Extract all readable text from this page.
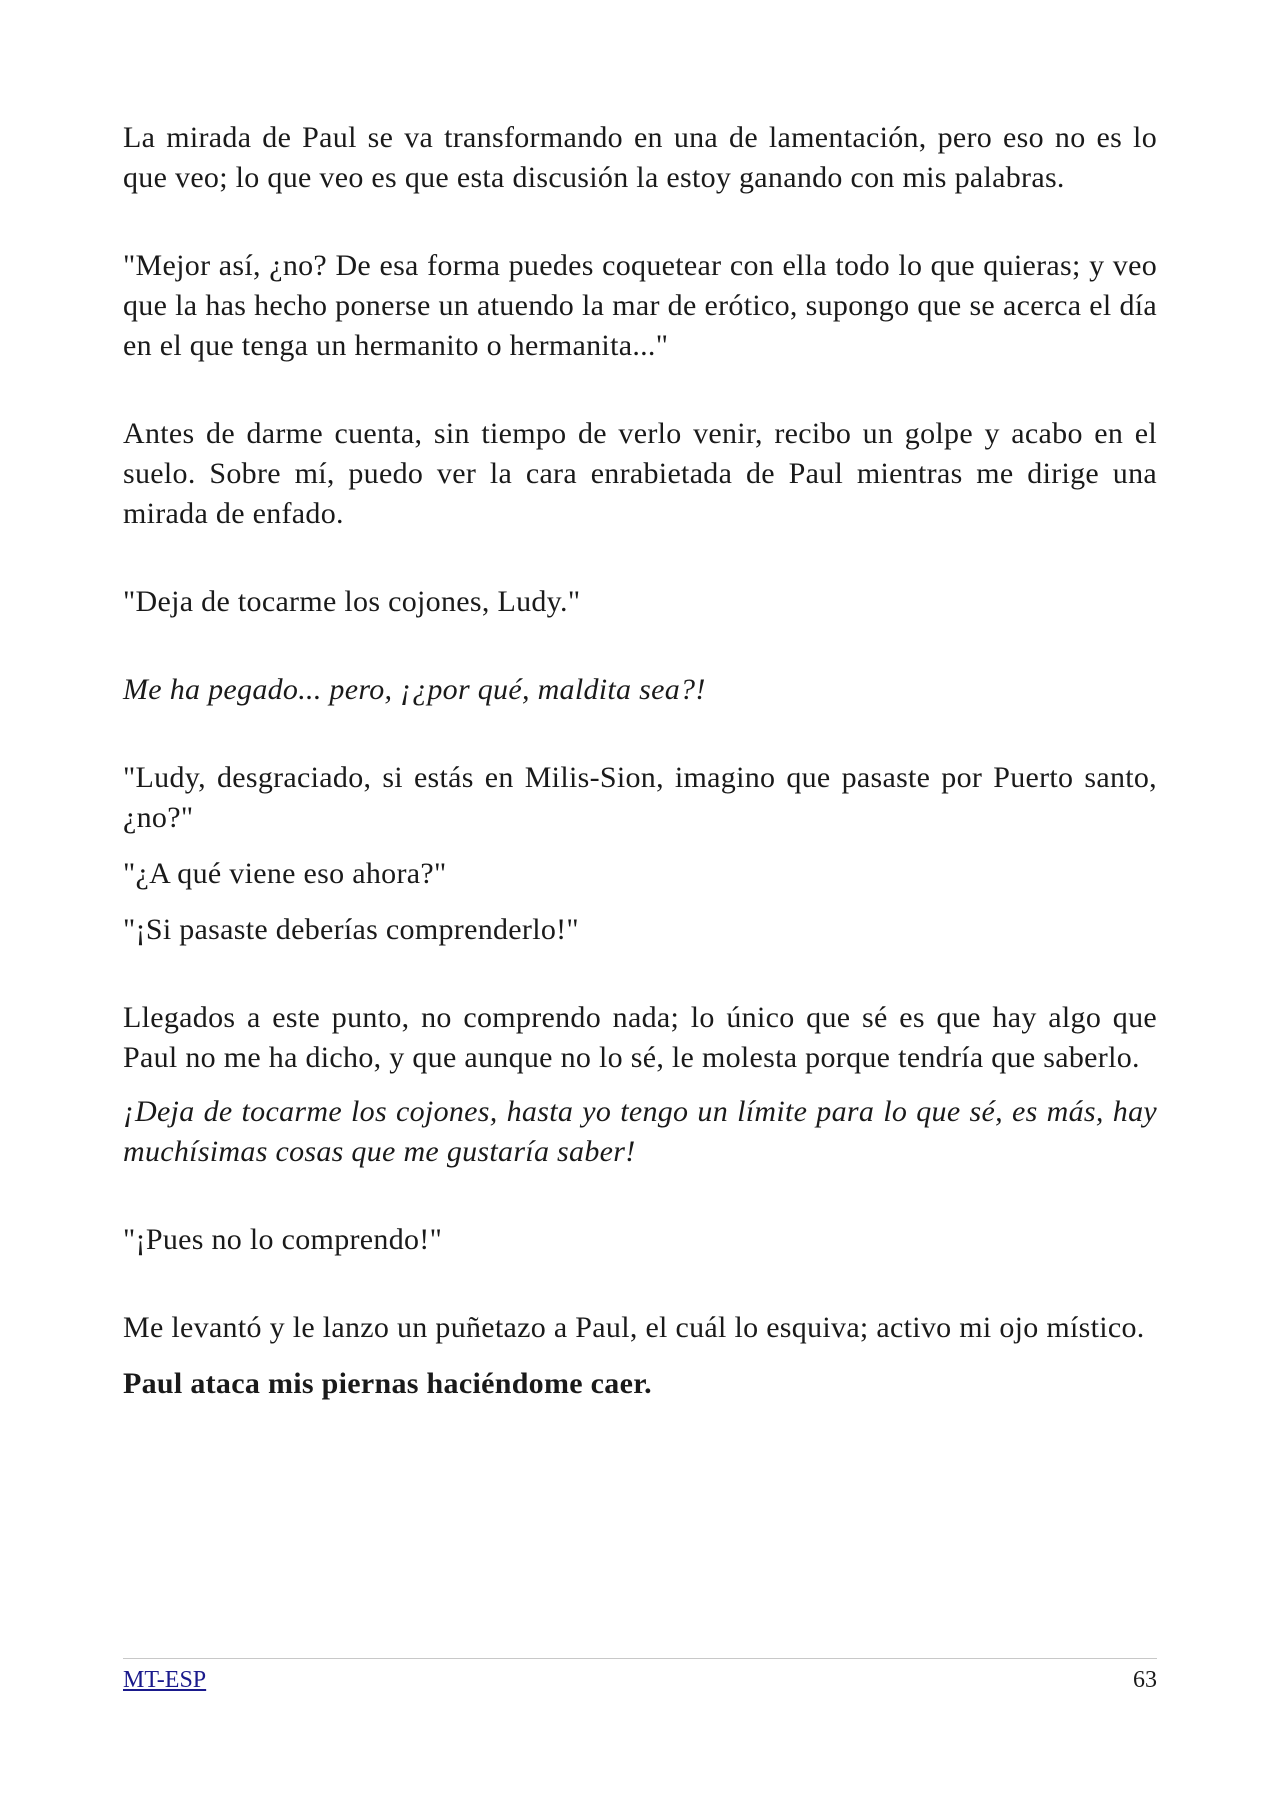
La mirada de Paul se va transformando en una de lamentación, pero eso no es lo que veo; lo que veo es que esta discusión la estoy ganando con mis palabras.

"Mejor así, ¿no? De esa forma puedes coquetear con ella todo lo que quieras; y veo que la has hecho ponerse un atuendo la mar de erótico, supongo que se acerca el día en el que tenga un hermanito o hermanita..."

Antes de darme cuenta, sin tiempo de verlo venir, recibo un golpe y acabo en el suelo. Sobre mí, puedo ver la cara enrabietada de Paul mientras me dirige una mirada de enfado.

"Deja de tocarme los cojones, Ludy."

Me ha pegado... pero, ¡¿por qué, maldita sea?!

"Ludy, desgraciado, si estás en Milis-Sion, imagino que pasaste por Puerto santo, ¿no?"

"¿A qué viene eso ahora?"

"¡Si pasaste deberías comprenderlo!"

Llegados a este punto, no comprendo nada; lo único que sé es que hay algo que Paul no me ha dicho, y que aunque no lo sé, le molesta porque tendría que saberlo.

¡Deja de tocarme los cojones, hasta yo tengo un límite para lo que sé, es más, hay muchísimas cosas que me gustaría saber!

"¡Pues no lo comprendo!"

Me levantó y le lanzo un puñetazo a Paul, el cuál lo esquiva; activo mi ojo místico.

Paul ataca mis piernas haciéndome caer.

MT-ESP	63
